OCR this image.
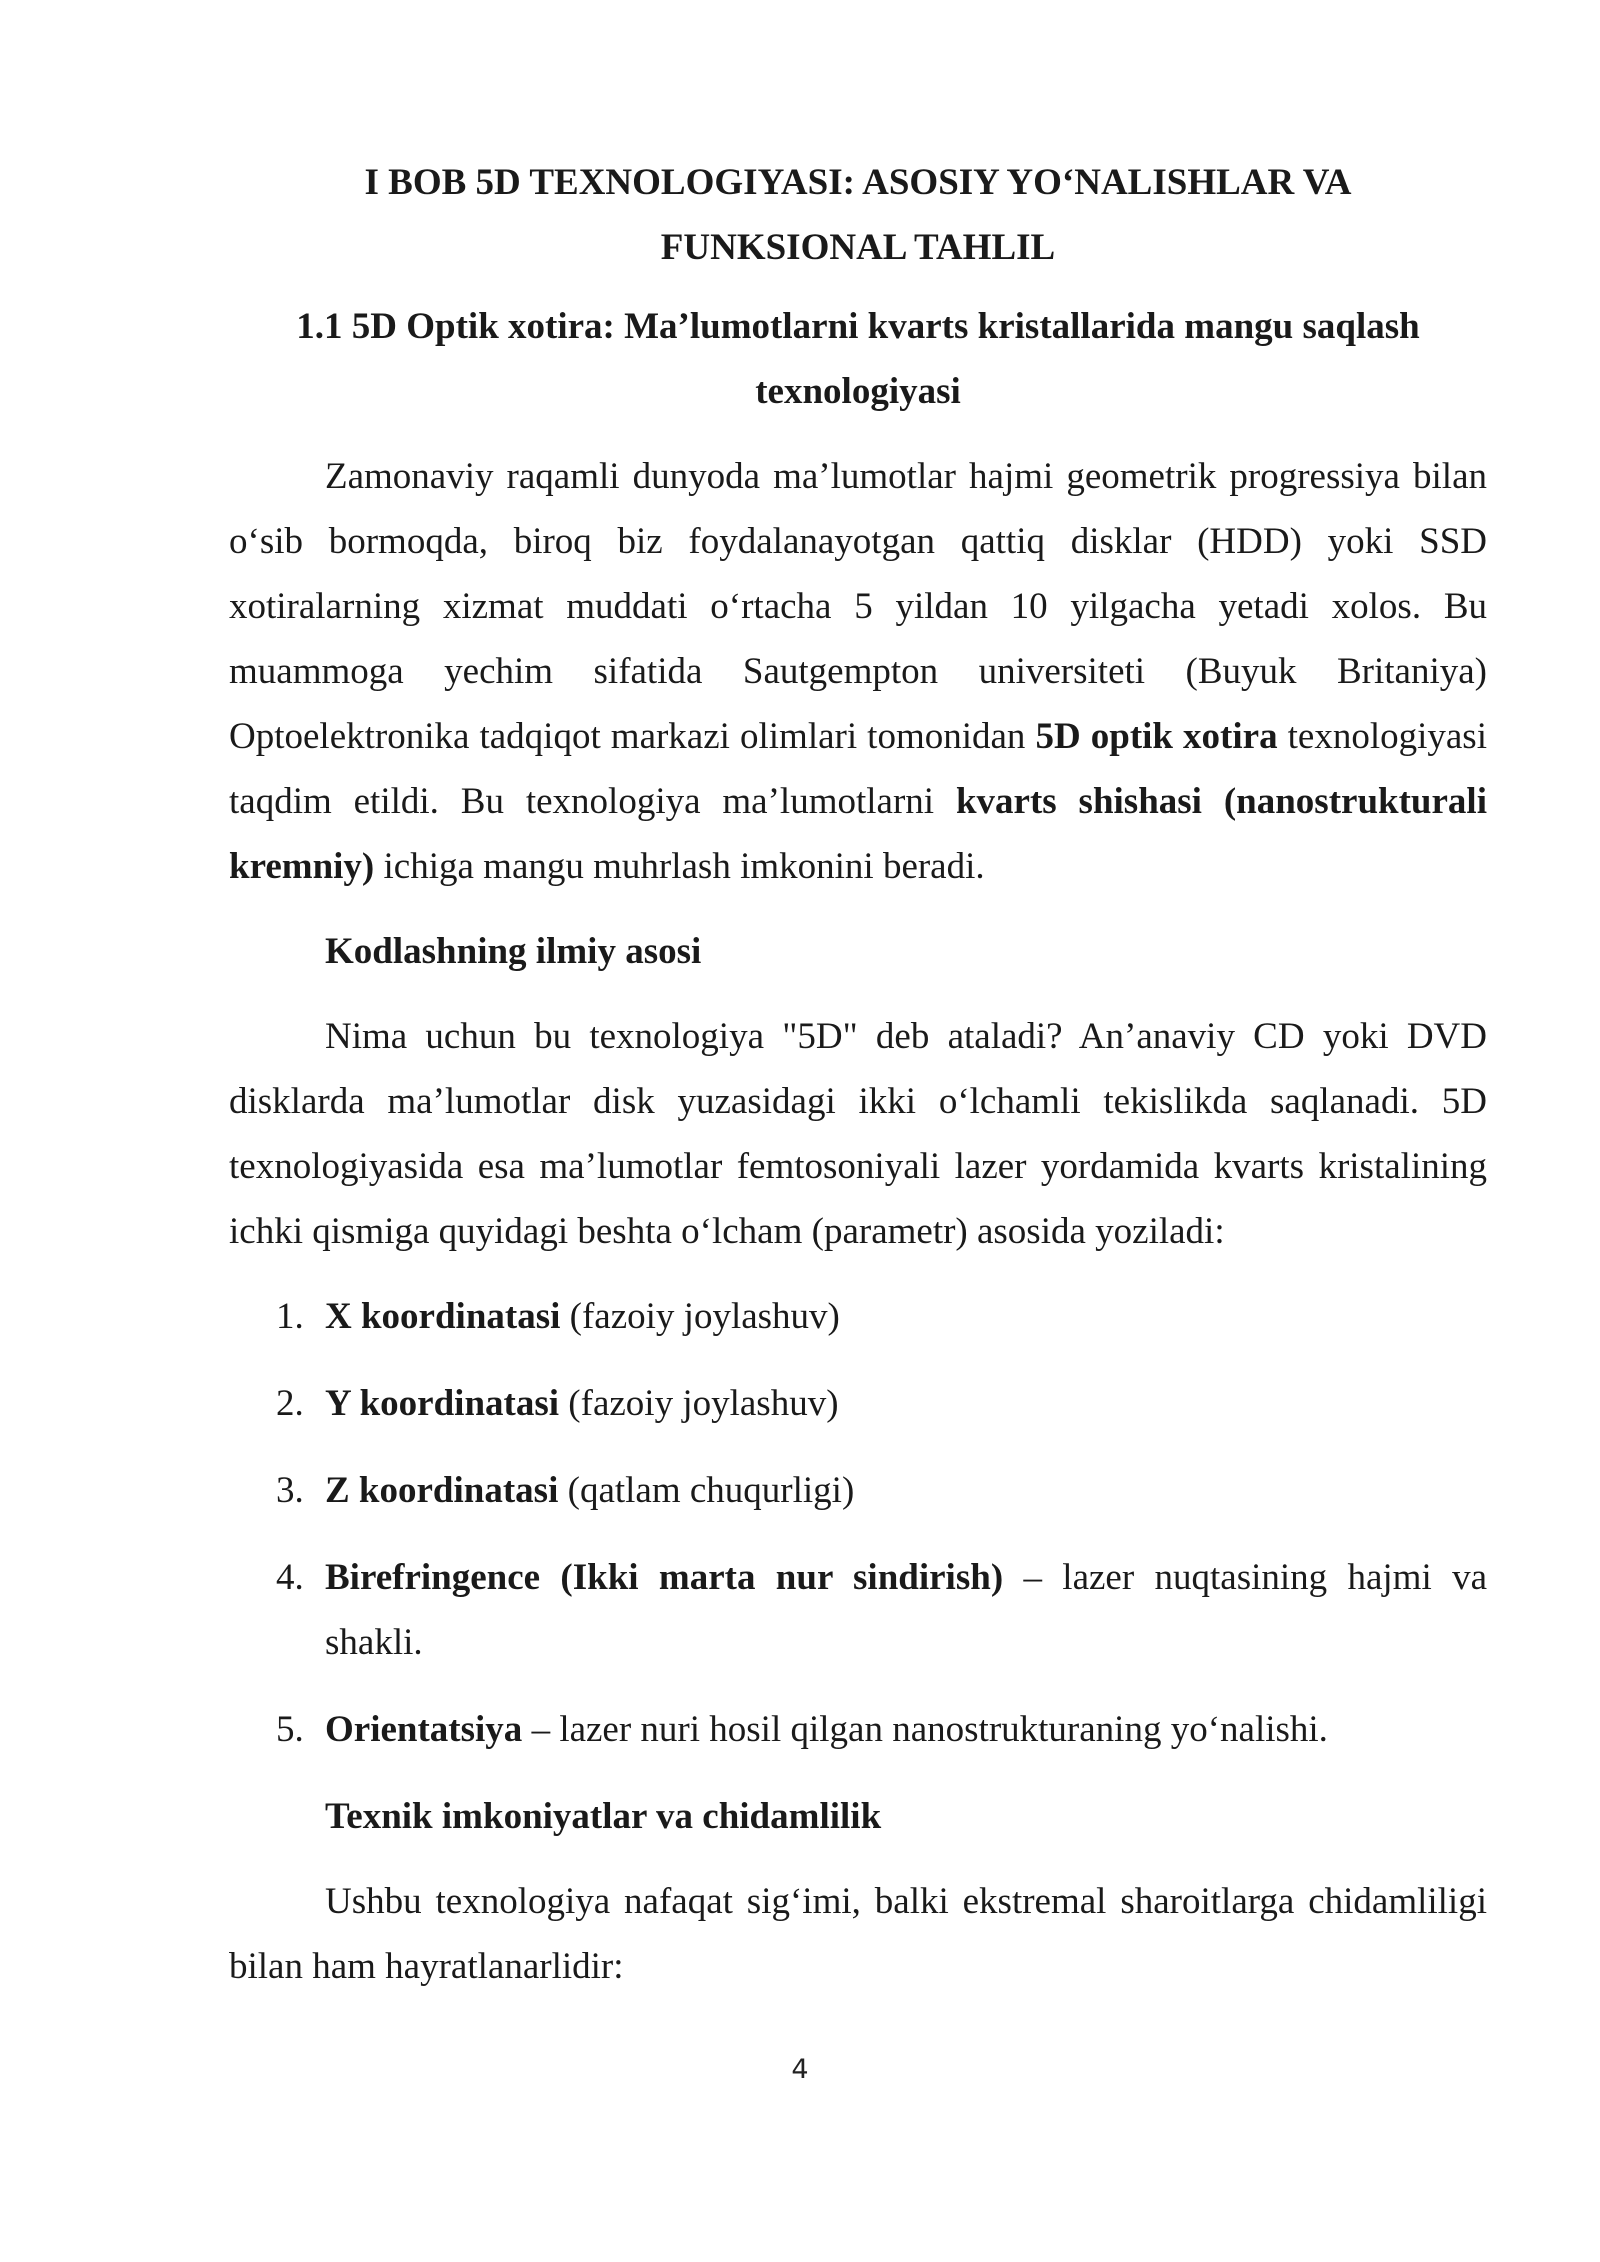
I BOB 5D TEXNOLOGIYASI: ASOSIY YO‘NALISHLAR VA
FUNKSIONAL TAHLIL
1.1 5D Optik xotira: Ma’lumotlarni kvarts kristallarida mangu saqlash
texnologiyasi

Zamonaviy raqamli dunyoda ma’lumotlar hajmi geometrik progressiya bilan o‘sib bormoqda, biroq biz foydalanayotgan qattiq disklar (HDD) yoki SSD xotiralarning xizmat muddati o‘rtacha 5 yildan 10 yilgacha yetadi xolos. Bu muammoga yechim sifatida Sautgempton universiteti (Buyuk Britaniya) Optoelektronika tadqiqot markazi olimlari tomonidan 5D optik xotira texnologiyasi taqdim etildi. Bu texnologiya ma’lumotlarni kvarts shishasi (nanostrukturali kremniy) ichiga mangu muhrlash imkonini beradi.

Kodlashning ilmiy asosi

Nima uchun bu texnologiya "5D" deb ataladi? An’anaviy CD yoki DVD disklarda ma’lumotlar disk yuzasidagi ikki o‘lchamli tekislikda saqlanadi. 5D texnologiyasida esa ma’lumotlar femtosoniyali lazer yordamida kvarts kristalining ichki qismiga quyidagi beshta o‘lcham (parametr) asosida yoziladi:

1. X koordinatasi (fazoiy joylashuv)
2. Y koordinatasi (fazoiy joylashuv)
3. Z koordinatasi (qatlam chuqurligi)
4. Birefringence (Ikki marta nur sindirish) – lazer nuqtasining hajmi va shakli.
5. Orientatsiya – lazer nuri hosil qilgan nanostrukturaning yo‘nalishi.
Texnik imkoniyatlar va chidamlilik

Ushbu texnologiya nafaqat sig‘imi, balki ekstremal sharoitlarga chidamliligi bilan ham hayratlanarlidir:

4
